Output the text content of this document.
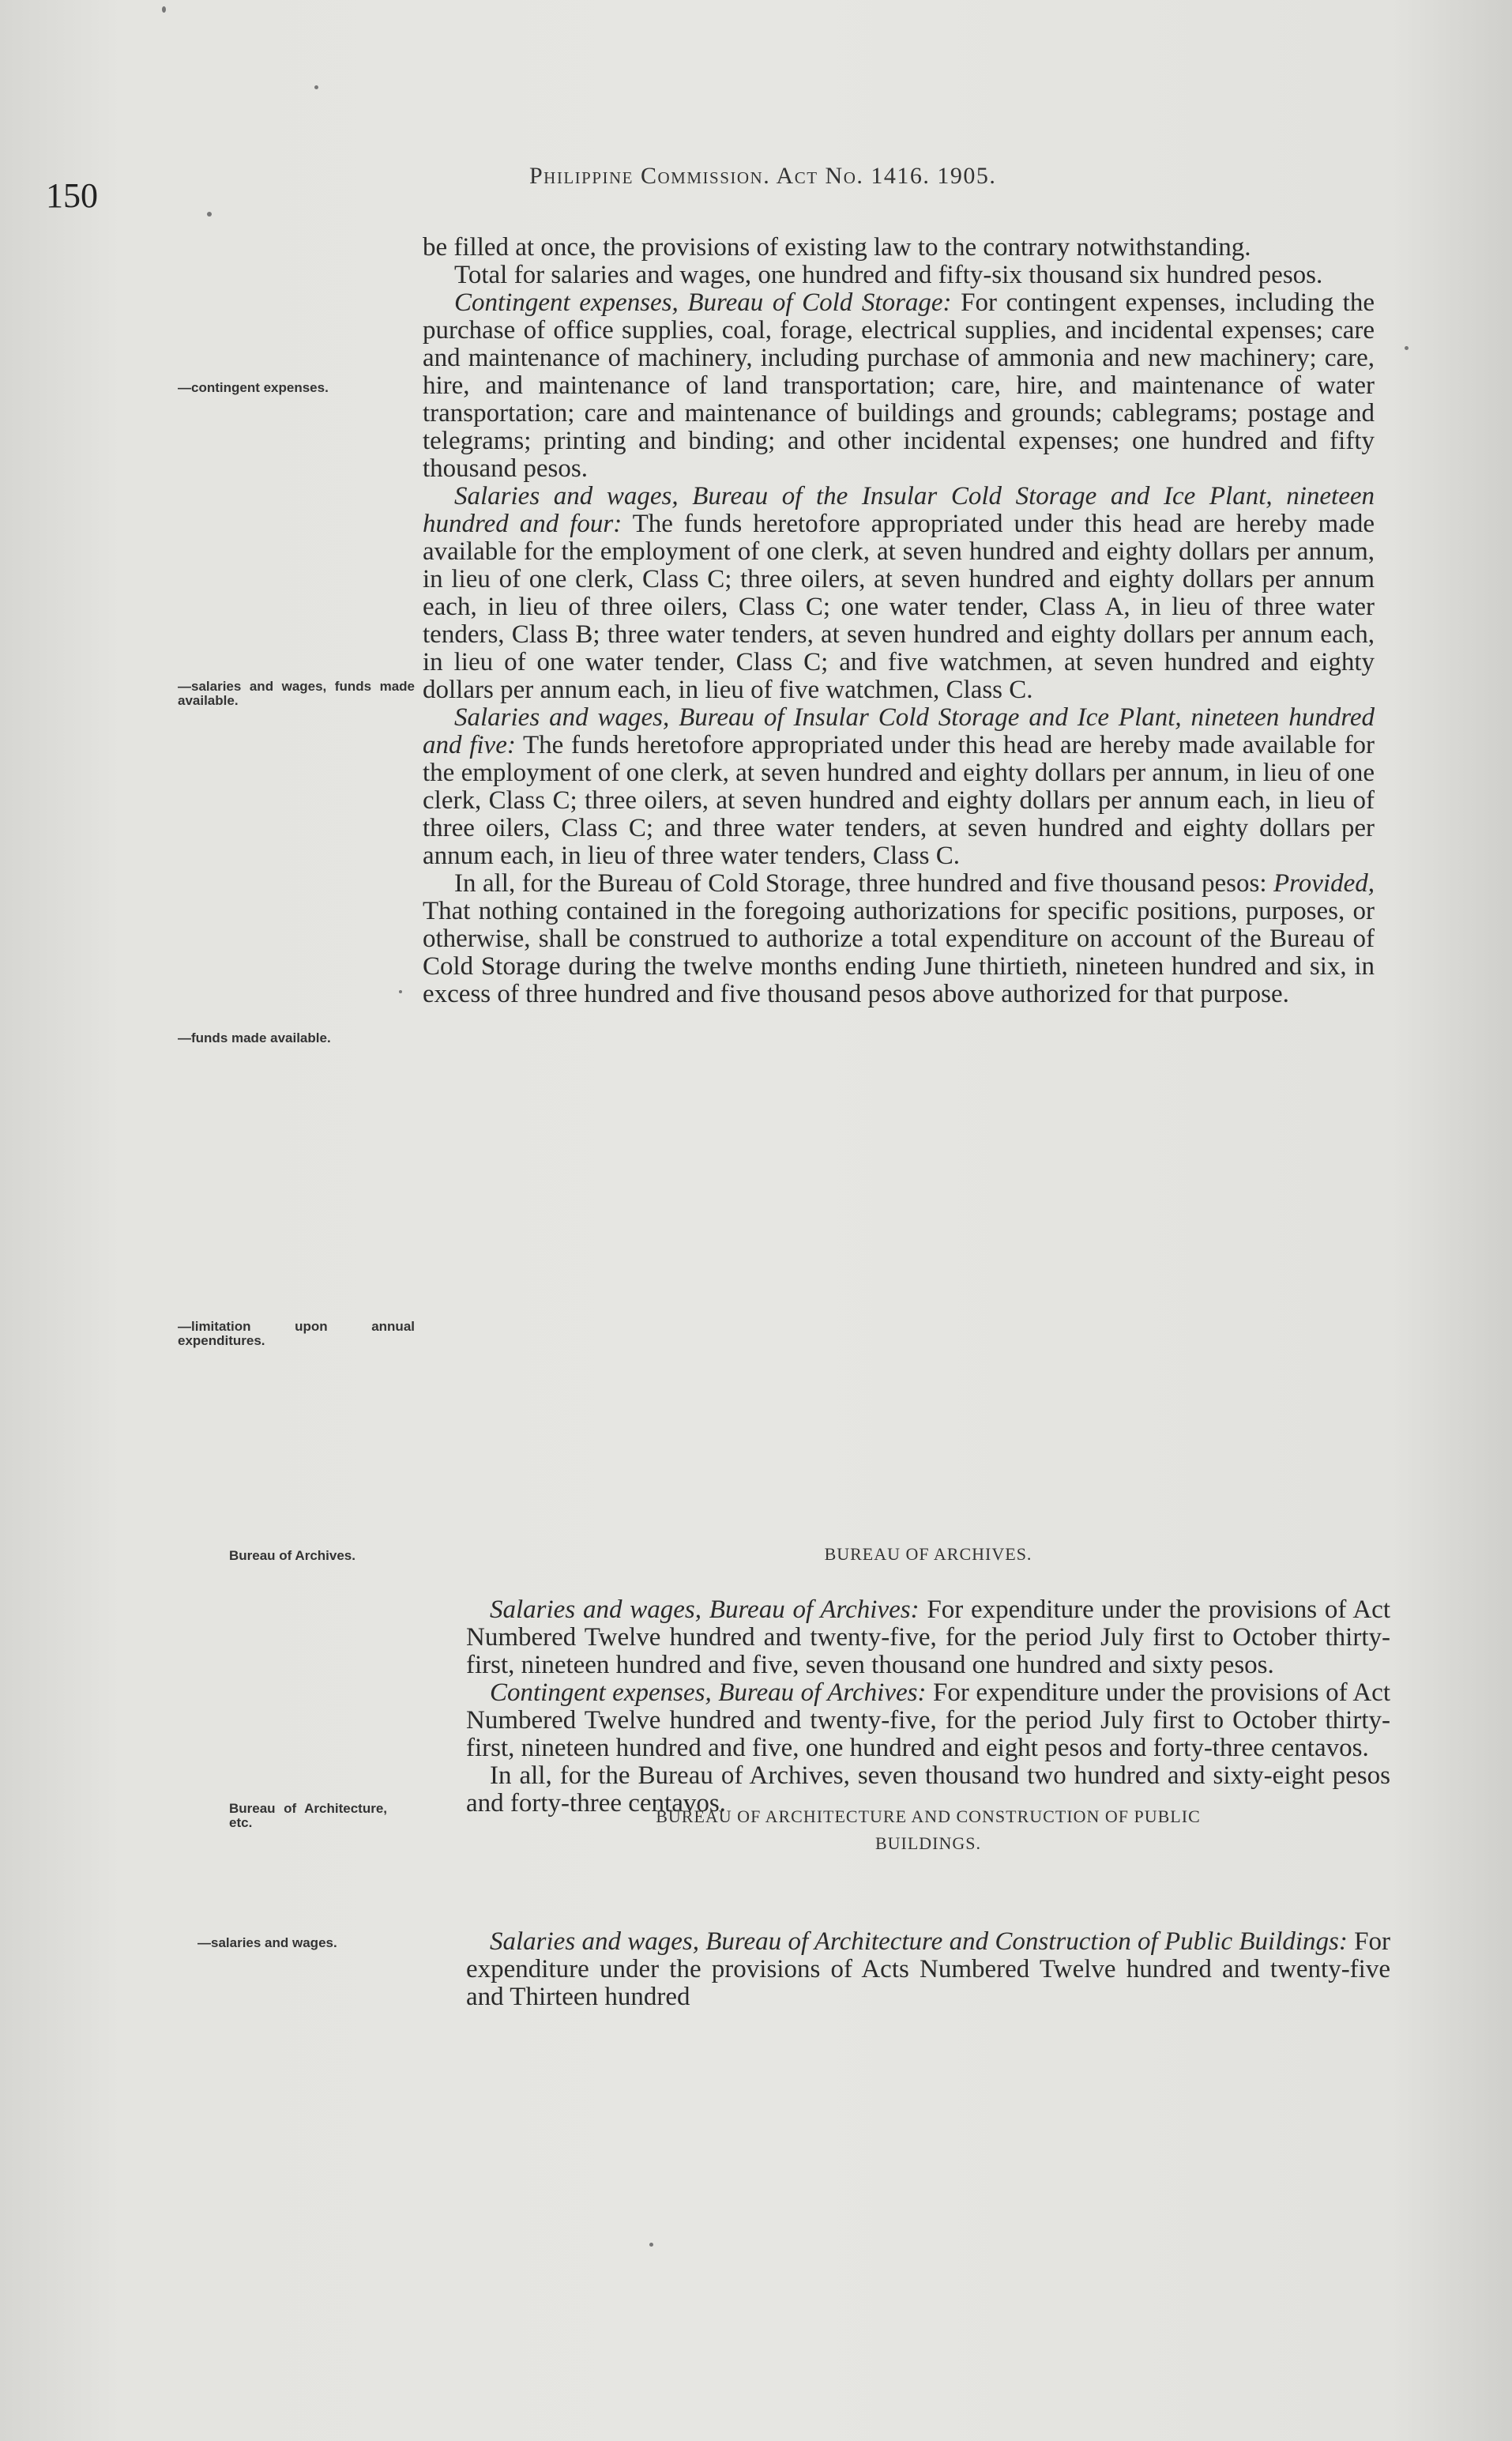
150
Philippine Commission. Act No. 1416. 1905.

be filled at once, the provisions of existing law to the contrary notwithstanding.

Total for salaries and wages, one hundred and fifty-six thousand six hundred pesos.

Contingent expenses, Bureau of Cold Storage: For contingent expenses, including the purchase of office supplies, coal, forage, electrical supplies, and incidental expenses; care and maintenance of machinery, including purchase of ammonia and new machinery; care, hire, and maintenance of land transportation; care, hire, and maintenance of water transportation; care and maintenance of buildings and grounds; cablegrams; postage and telegrams; printing and binding; and other incidental expenses; one hundred and fifty thousand pesos.

Salaries and wages, Bureau of the Insular Cold Storage and Ice Plant, nineteen hundred and four: The funds heretofore appropriated under this head are hereby made available for the employment of one clerk, at seven hundred and eighty dollars per annum, in lieu of one clerk, Class C; three oilers, at seven hundred and eighty dollars per annum each, in lieu of three oilers, Class C; one water tender, Class A, in lieu of three water tenders, Class B; three water tenders, at seven hundred and eighty dollars per annum each, in lieu of one water tender, Class C; and five watchmen, at seven hundred and eighty dollars per annum each, in lieu of five watchmen, Class C.

Salaries and wages, Bureau of Insular Cold Storage and Ice Plant, nineteen hundred and five: The funds heretofore appropriated under this head are hereby made available for the employment of one clerk, at seven hundred and eighty dollars per annum, in lieu of one clerk, Class C; three oilers, at seven hundred and eighty dollars per annum each, in lieu of three oilers, Class C; and three water tenders, at seven hundred and eighty dollars per annum each, in lieu of three water tenders, Class C.

In all, for the Bureau of Cold Storage, three hundred and five thousand pesos: Provided, That nothing contained in the foregoing authorizations for specific positions, purposes, or otherwise, shall be construed to authorize a total expenditure on account of the Bureau of Cold Storage during the twelve months ending June thirtieth, nineteen hundred and six, in excess of three hundred and five thousand pesos above authorized for that purpose.

—contingent expenses.
—salaries and wages, funds made available.
—funds made available.
—limitation upon annual expenditures.
Bureau of Archives.
Bureau of Architecture, etc.
—salaries and wages.
BUREAU OF ARCHIVES.

Salaries and wages, Bureau of Archives: For expenditure under the provisions of Act Numbered Twelve hundred and twenty-five, for the period July first to October thirty-first, nineteen hundred and five, seven thousand one hundred and sixty pesos.

Contingent expenses, Bureau of Archives: For expenditure under the provisions of Act Numbered Twelve hundred and twenty-five, for the period July first to October thirty-first, nineteen hundred and five, one hundred and eight pesos and forty-three centavos.

In all, for the Bureau of Archives, seven thousand two hundred and sixty-eight pesos and forty-three centavos.

BUREAU OF ARCHITECTURE AND CONSTRUCTION OF PUBLIC
BUILDINGS.

Salaries and wages, Bureau of Architecture and Construction of Public Buildings: For expenditure under the provisions of Acts Numbered Twelve hundred and twenty-five and Thirteen hundred
